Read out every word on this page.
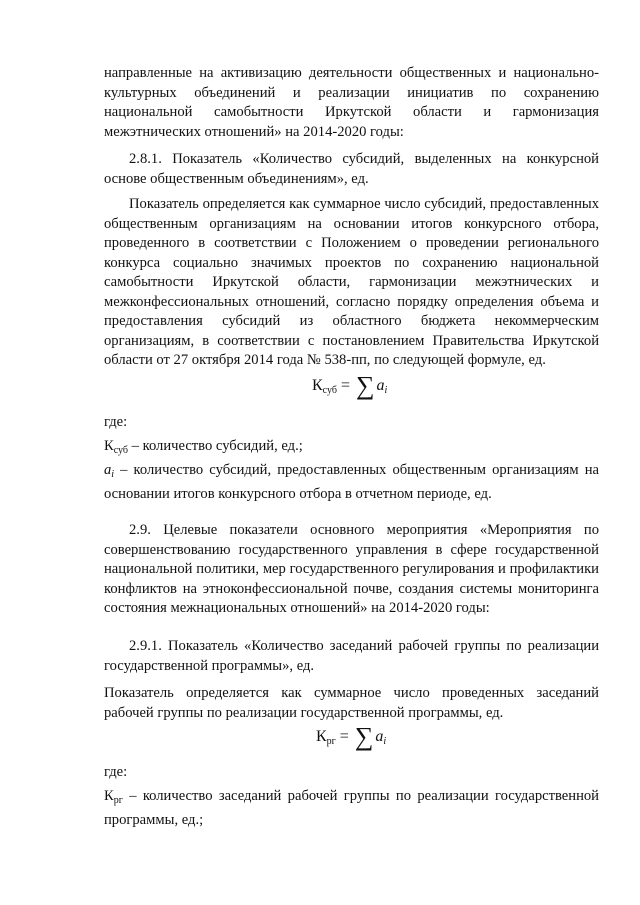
направленные на активизацию деятельности общественных и национально-культурных объединений и реализации инициатив по сохранению национальной самобытности Иркутской области и гармонизация межэтнических отношений» на 2014-2020 годы:

2.8.1. Показатель «Количество субсидий, выделенных на конкурсной основе общественным объединениям», ед.

Показатель определяется как суммарное число субсидий, предоставленных общественным организациям на основании итогов конкурсного отбора, проведенного в соответствии с Положением о проведении регионального конкурса социально значимых проектов по сохранению национальной самобытности Иркутской области, гармонизации межэтнических и межконфессиональных отношений, согласно порядку определения объема и предоставления субсидий из областного бюджета некоммерческим организациям, в соответствии с постановлением Правительства Иркутской области от 27 октября 2014 года № 538-пп, по следующей формуле, ед.

$К_{суб}$ = ∑ $a_i$

где:

$К_{суб}$ – количество субсидий, ед.;

$a_i$ – количество субсидий, предоставленных общественным организациям на основании итогов конкурсного отбора в отчетном периоде, ед.

2.9. Целевые показатели основного мероприятия «Мероприятия по совершенствованию государственного управления в сфере государственной национальной политики, мер государственного регулирования и профилактики конфликтов на этноконфессиональной почве, создания системы мониторинга состояния межнациональных отношений» на 2014-2020 годы:

2.9.1. Показатель «Количество заседаний рабочей группы по реализации государственной программы», ед.

Показатель определяется как суммарное число проведенных заседаний рабочей группы по реализации государственной программы, ед.

$К_{рг}$ = ∑ $a_i$

где:

$К_{рг}$ – количество заседаний рабочей группы по реализации государственной программы, ед.;
